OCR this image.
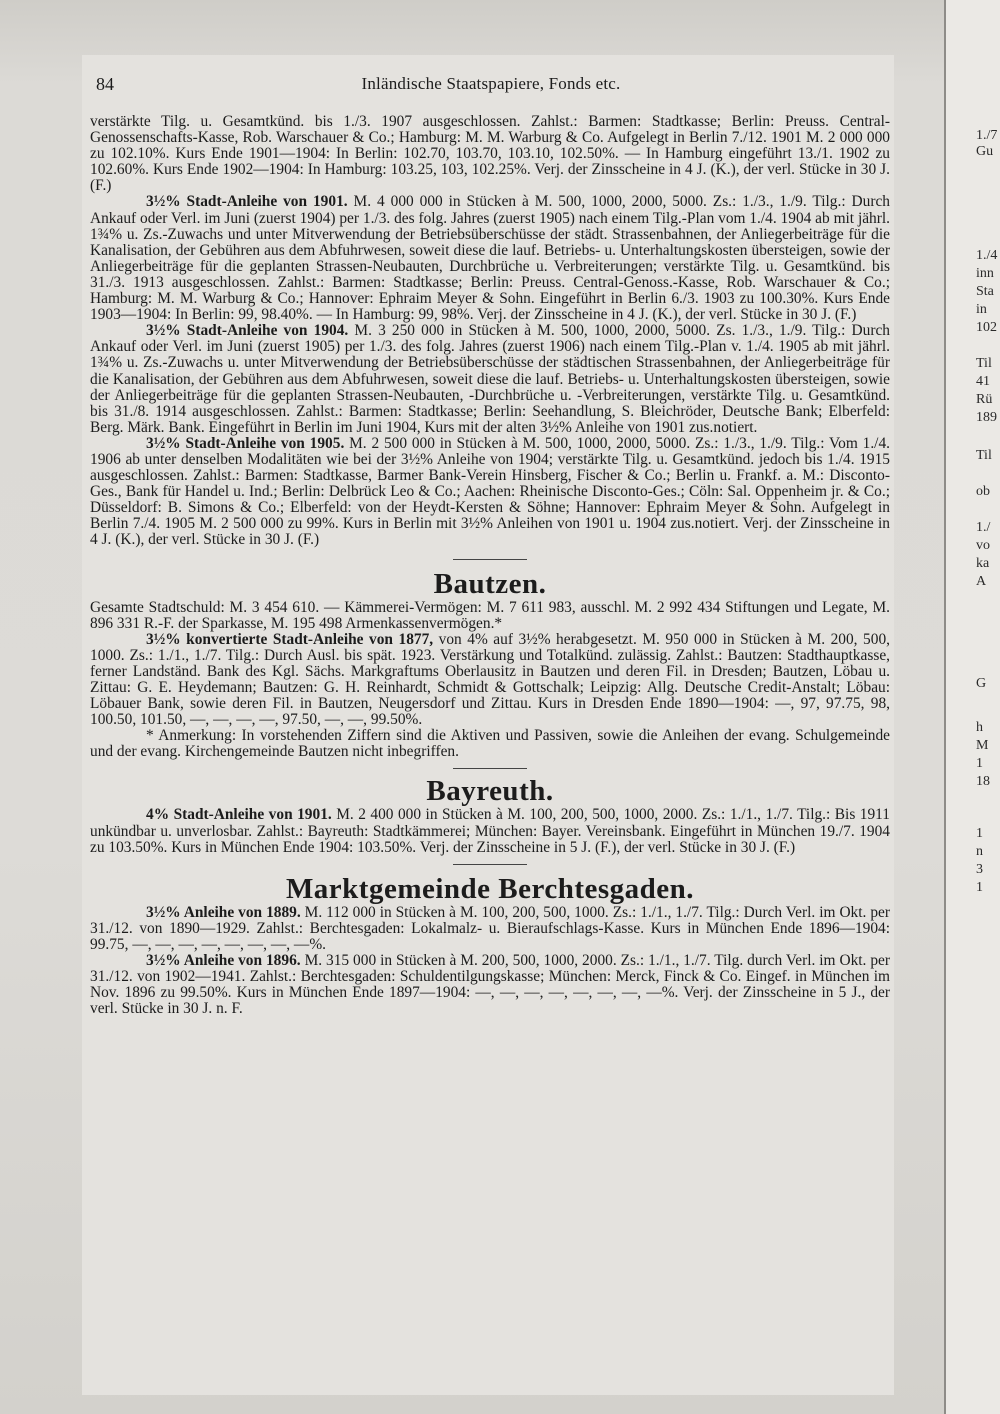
1./7
Gu
1./4
inn
Sta
in
102
Til
41
Rü
189
Til
ob
1./
vo
ka
A
G
h
M
1
18
1
n
3
1
84	Inländische Staatspapiere, Fonds etc.

verstärkte Tilg. u. Gesamtkünd. bis 1./3. 1907 ausgeschlossen. Zahlst.: Barmen: Stadtkasse; Berlin: Preuss. Central-Genossenschafts-Kasse, Rob. Warschauer & Co.; Hamburg: M. M. Warburg & Co. Aufgelegt in Berlin 7./12. 1901 M. 2 000 000 zu 102.10%. Kurs Ende 1901—1904: In Berlin: 102.70, 103.70, 103.10, 102.50%. — In Hamburg eingeführt 13./1. 1902 zu 102.60%. Kurs Ende 1902—1904: In Hamburg: 103.25, 103, 102.25%. Verj. der Zinsscheine in 4 J. (K.), der verl. Stücke in 30 J. (F.)

3½% Stadt-Anleihe von 1901. M. 4 000 000 in Stücken à M. 500, 1000, 2000, 5000. Zs.: 1./3., 1./9. Tilg.: Durch Ankauf oder Verl. im Juni (zuerst 1904) per 1./3. des folg. Jahres (zuerst 1905) nach einem Tilg.-Plan vom 1./4. 1904 ab mit jährl. 1¾% u. Zs.-Zuwachs und unter Mitverwendung der Betriebsüberschüsse der städt. Strassenbahnen, der Anliegerbeiträge für die Kanalisation, der Gebühren aus dem Abfuhrwesen, soweit diese die lauf. Betriebs- u. Unterhaltungskosten übersteigen, sowie der Anliegerbeiträge für die geplanten Strassen-Neubauten, Durchbrüche u. Verbreiterungen; verstärkte Tilg. u. Gesamtkünd. bis 31./3. 1913 ausgeschlossen. Zahlst.: Barmen: Stadtkasse; Berlin: Preuss. Central-Genoss.-Kasse, Rob. Warschauer & Co.; Hamburg: M. M. Warburg & Co.; Hannover: Ephraim Meyer & Sohn. Eingeführt in Berlin 6./3. 1903 zu 100.30%. Kurs Ende 1903—1904: In Berlin: 99, 98.40%. — In Hamburg: 99, 98%. Verj. der Zinsscheine in 4 J. (K.), der verl. Stücke in 30 J. (F.)

3½% Stadt-Anleihe von 1904. M. 3 250 000 in Stücken à M. 500, 1000, 2000, 5000. Zs. 1./3., 1./9. Tilg.: Durch Ankauf oder Verl. im Juni (zuerst 1905) per 1./3. des folg. Jahres (zuerst 1906) nach einem Tilg.-Plan v. 1./4. 1905 ab mit jährl. 1¾% u. Zs.-Zuwachs u. unter Mitverwendung der Betriebsüberschüsse der städtischen Strassenbahnen, der Anliegerbeiträge für die Kanalisation, der Gebühren aus dem Abfuhrwesen, soweit diese die lauf. Betriebs- u. Unterhaltungskosten übersteigen, sowie der Anliegerbeiträge für die geplanten Strassen-Neubauten, -Durchbrüche u. -Verbreiterungen, verstärkte Tilg. u. Gesamtkünd. bis 31./8. 1914 ausgeschlossen. Zahlst.: Barmen: Stadtkasse; Berlin: Seehandlung, S. Bleichröder, Deutsche Bank; Elberfeld: Berg. Märk. Bank. Eingeführt in Berlin im Juni 1904, Kurs mit der alten 3½% Anleihe von 1901 zus.notiert.

3½% Stadt-Anleihe von 1905. M. 2 500 000 in Stücken à M. 500, 1000, 2000, 5000. Zs.: 1./3., 1./9. Tilg.: Vom 1./4. 1906 ab unter denselben Modalitäten wie bei der 3½% Anleihe von 1904; verstärkte Tilg. u. Gesamtkünd. jedoch bis 1./4. 1915 ausgeschlossen. Zahlst.: Barmen: Stadtkasse, Barmer Bank-Verein Hinsberg, Fischer & Co.; Berlin u. Frankf. a. M.: Disconto-Ges., Bank für Handel u. Ind.; Berlin: Delbrück Leo & Co.; Aachen: Rheinische Disconto-Ges.; Cöln: Sal. Oppenheim jr. & Co.; Düsseldorf: B. Simons & Co.; Elberfeld: von der Heydt-Kersten & Söhne; Hannover: Ephraim Meyer & Sohn. Aufgelegt in Berlin 7./4. 1905 M. 2 500 000 zu 99%. Kurs in Berlin mit 3½% Anleihen von 1901 u. 1904 zus.notiert. Verj. der Zinsscheine in 4 J. (K.), der verl. Stücke in 30 J. (F.)

Bautzen.

Gesamte Stadtschuld: M. 3 454 610. — Kämmerei-Vermögen: M. 7 611 983, ausschl. M. 2 992 434 Stiftungen und Legate, M. 896 331 R.-F. der Sparkasse, M. 195 498 Armenkassenvermögen.*

3½% konvertierte Stadt-Anleihe von 1877, von 4% auf 3½% herabgesetzt. M. 950 000 in Stücken à M. 200, 500, 1000. Zs.: 1./1., 1./7. Tilg.: Durch Ausl. bis spät. 1923. Verstärkung und Totalkünd. zulässig. Zahlst.: Bautzen: Stadthauptkasse, ferner Landständ. Bank des Kgl. Sächs. Markgraftums Oberlausitz in Bautzen und deren Fil. in Dresden; Bautzen, Löbau u. Zittau: G. E. Heydemann; Bautzen: G. H. Reinhardt, Schmidt & Gottschalk; Leipzig: Allg. Deutsche Credit-Anstalt; Löbau: Löbauer Bank, sowie deren Fil. in Bautzen, Neugersdorf und Zittau. Kurs in Dresden Ende 1890—1904: —, 97, 97.75, 98, 100.50, 101.50, —, —, —, —, 97.50, —, —, 99.50%.

* Anmerkung: In vorstehenden Ziffern sind die Aktiven und Passiven, sowie die Anleihen der evang. Schulgemeinde und der evang. Kirchengemeinde Bautzen nicht inbegriffen.

Bayreuth.

4% Stadt-Anleihe von 1901. M. 2 400 000 in Stücken à M. 100, 200, 500, 1000, 2000. Zs.: 1./1., 1./7. Tilg.: Bis 1911 unkündbar u. unverlosbar. Zahlst.: Bayreuth: Stadtkämmerei; München: Bayer. Vereinsbank. Eingeführt in München 19./7. 1904 zu 103.50%. Kurs in München Ende 1904: 103.50%. Verj. der Zinsscheine in 5 J. (F.), der verl. Stücke in 30 J. (F.)

Marktgemeinde Berchtesgaden.

3½% Anleihe von 1889. M. 112 000 in Stücken à M. 100, 200, 500, 1000. Zs.: 1./1., 1./7. Tilg.: Durch Verl. im Okt. per 31./12. von 1890—1929. Zahlst.: Berchtesgaden: Lokalmalz- u. Bieraufschlags-Kasse. Kurs in München Ende 1896—1904: 99.75, —, —, —, —, —, —, —, —%.

3½% Anleihe von 1896. M. 315 000 in Stücken à M. 200, 500, 1000, 2000. Zs.: 1./1., 1./7. Tilg. durch Verl. im Okt. per 31./12. von 1902—1941. Zahlst.: Berchtesgaden: Schuldentilgungskasse; München: Merck, Finck & Co. Eingef. in München im Nov. 1896 zu 99.50%. Kurs in München Ende 1897—1904: —, —, —, —, —, —, —, —%. Verj. der Zinsscheine in 5 J., der verl. Stücke in 30 J. n. F.
